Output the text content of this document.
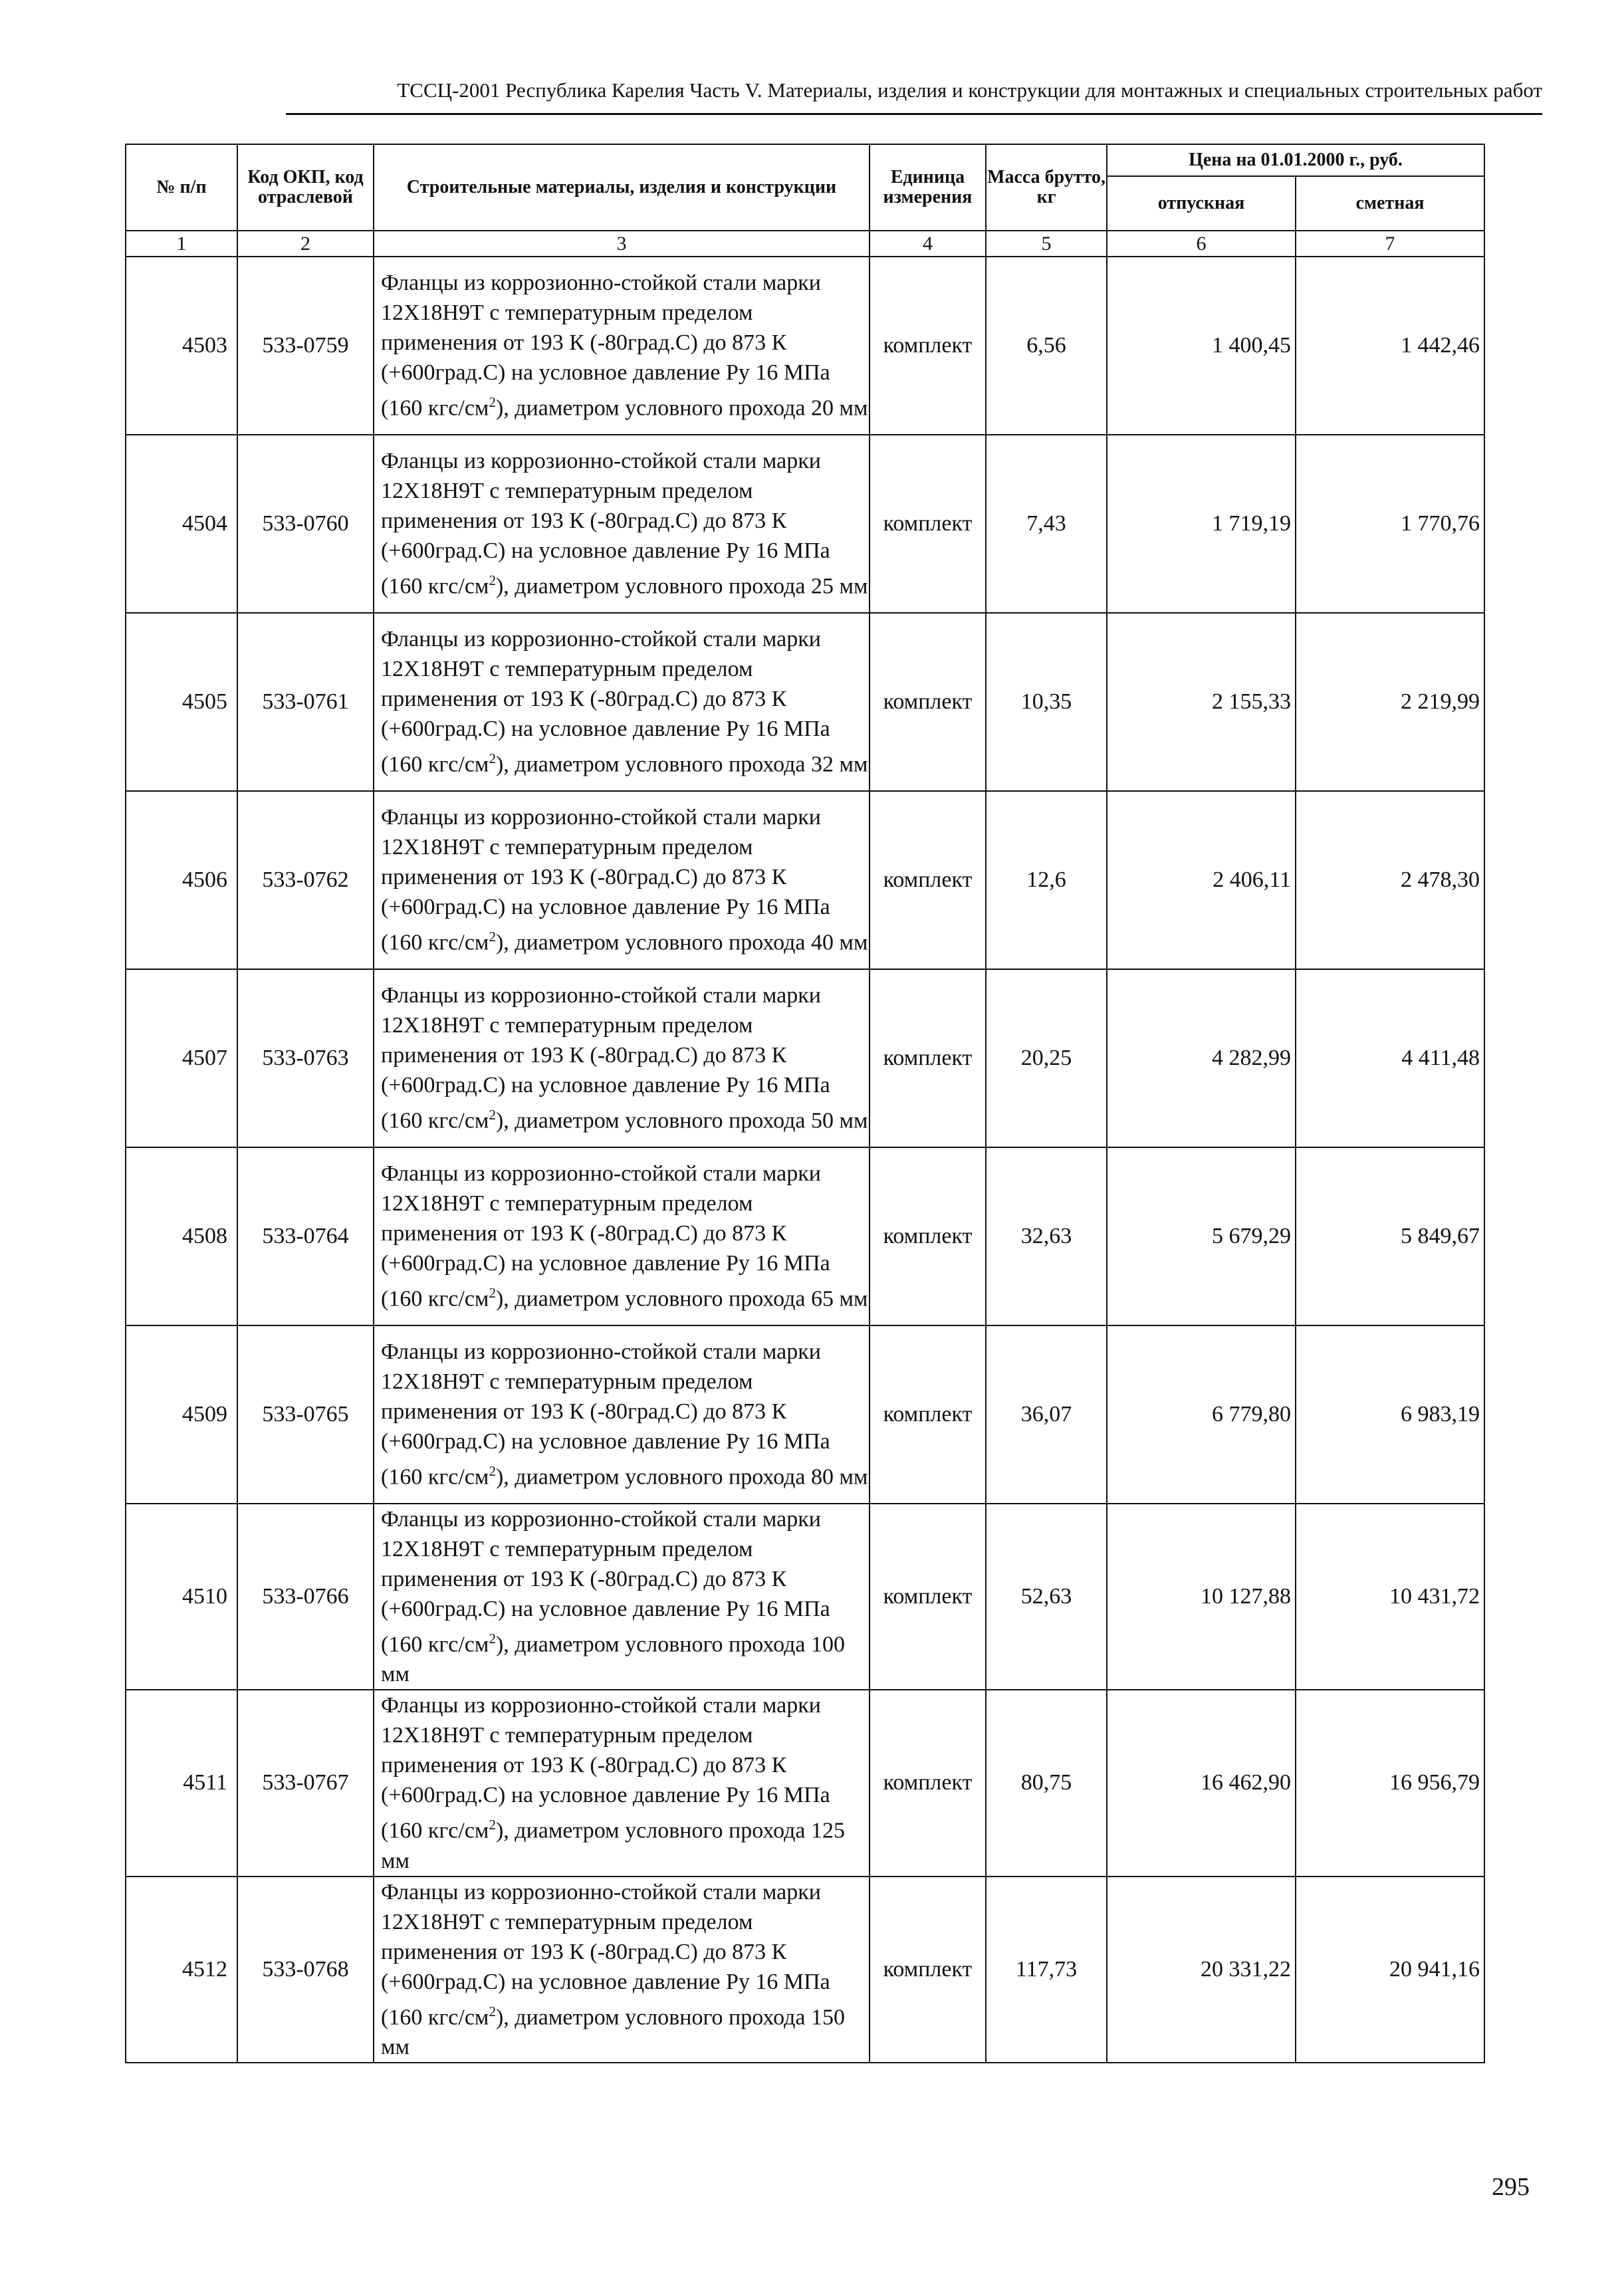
ТССЦ-2001 Республика Карелия Часть V. Материалы, изделия и конструкции для монтажных и специальных строительных работ
№ п/п	Код ОКП, код отраслевой	Строительные материалы, изделия и конструкции	Единица измерения	Масса брутто, кг	Цена на 01.01.2000 г., руб.	
					отпускная	сметная
1	2	3	4	5	6	7
4503	533-0759	Фланцы из коррозионно-стойкой стали марки 12Х18Н9Т с температурным пределом применения от 193 К (-80град.С) до 873 К (+600град.С) на условное давление Ру 16 МПа (160 кгс/$см^2$), диаметром условного прохода 20 мм	комплект	6,56	1 400,45	1 442,46
4504	533-0760	Фланцы из коррозионно-стойкой стали марки 12Х18Н9Т с температурным пределом применения от 193 К (-80град.С) до 873 К (+600град.С) на условное давление Ру 16 МПа (160 кгс/$см^2$), диаметром условного прохода 25 мм	комплект	7,43	1 719,19	1 770,76
4505	533-0761	Фланцы из коррозионно-стойкой стали марки 12Х18Н9Т с температурным пределом применения от 193 К (-80град.С) до 873 К (+600град.С) на условное давление Ру 16 МПа (160 кгс/$см^2$), диаметром условного прохода 32 мм	комплект	10,35	2 155,33	2 219,99
4506	533-0762	Фланцы из коррозионно-стойкой стали марки 12Х18Н9Т с температурным пределом применения от 193 К (-80град.С) до 873 К (+600град.С) на условное давление Ру 16 МПа (160 кгс/$см^2$), диаметром условного прохода 40 мм	комплект	12,6	2 406,11	2 478,30
4507	533-0763	Фланцы из коррозионно-стойкой стали марки 12Х18Н9Т с температурным пределом применения от 193 К (-80град.С) до 873 К (+600град.С) на условное давление Ру 16 МПа (160 кгс/$см^2$), диаметром условного прохода 50 мм	комплект	20,25	4 282,99	4 411,48
4508	533-0764	Фланцы из коррозионно-стойкой стали марки 12Х18Н9Т с температурным пределом применения от 193 К (-80град.С) до 873 К (+600град.С) на условное давление Ру 16 МПа (160 кгс/$см^2$), диаметром условного прохода 65 мм	комплект	32,63	5 679,29	5 849,67
4509	533-0765	Фланцы из коррозионно-стойкой стали марки 12Х18Н9Т с температурным пределом применения от 193 К (-80град.С) до 873 К (+600град.С) на условное давление Ру 16 МПа (160 кгс/$см^2$), диаметром условного прохода 80 мм	комплект	36,07	6 779,80	6 983,19
4510	533-0766	Фланцы из коррозионно-стойкой стали марки 12Х18Н9Т с температурным пределом применения от 193 К (-80град.С) до 873 К (+600град.С) на условное давление Ру 16 МПа (160 кгс/$см^2$), диаметром условного прохода 100 мм	комплект	52,63	10 127,88	10 431,72
4511	533-0767	Фланцы из коррозионно-стойкой стали марки 12Х18Н9Т с температурным пределом применения от 193 К (-80град.С) до 873 К (+600град.С) на условное давление Ру 16 МПа (160 кгс/$см^2$), диаметром условного прохода 125 мм	комплект	80,75	16 462,90	16 956,79
4512	533-0768	Фланцы из коррозионно-стойкой стали марки 12Х18Н9Т с температурным пределом применения от 193 К (-80град.С) до 873 К (+600град.С) на условное давление Ру 16 МПа (160 кгс/$см^2$), диаметром условного прохода 150 мм	комплект	117,73	20 331,22	20 941,16
295
